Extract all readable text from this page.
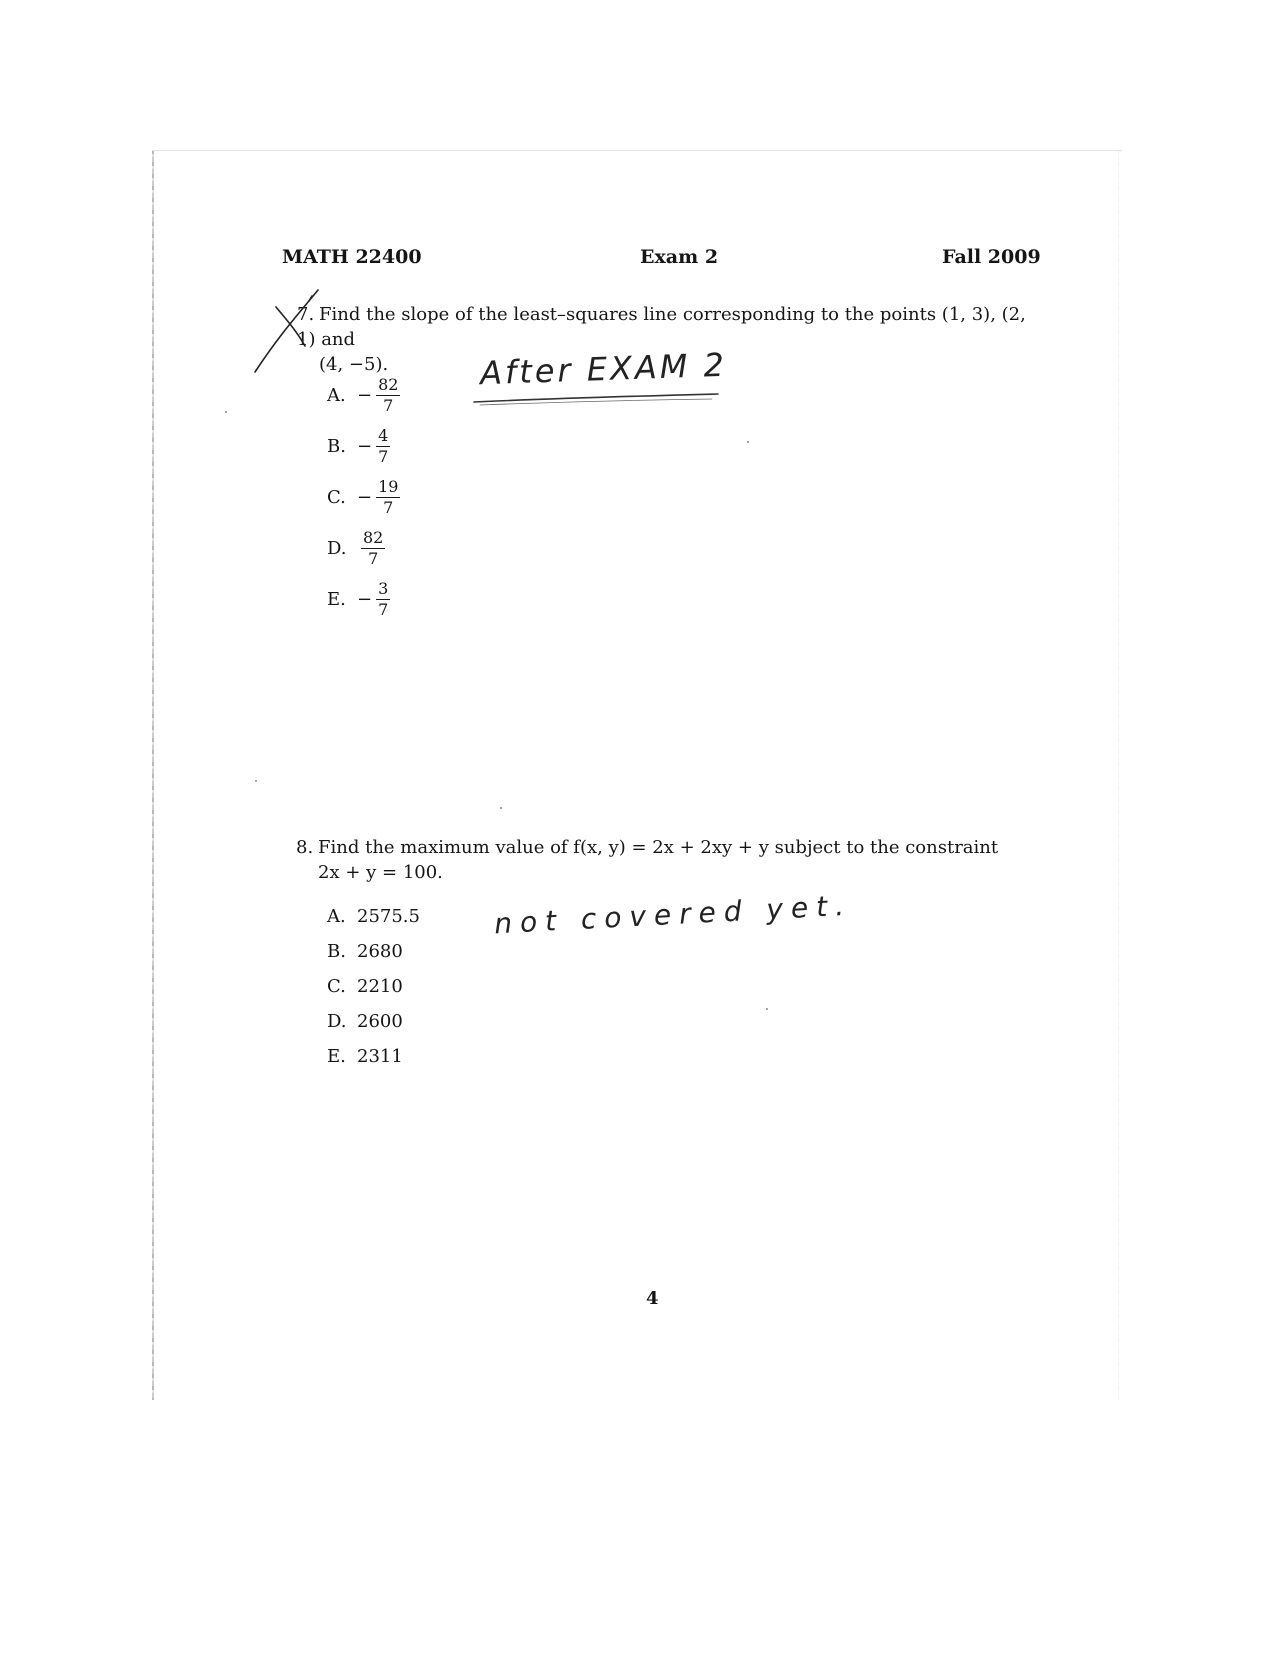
MATH 22400	Exam 2	Fall 2009
7. Find the slope of the least–squares line corresponding to the points (1, 3), (2, 1) and
(4, −5).
A. − $\frac{82}{7}$
B. − $\frac{4}{7}$
C. − $\frac{19}{7}$
D. $\frac{82}{7}$
E. − $\frac{3}{7}$
After EXAM 2
8. Find the maximum value of f(x, y) = 2x + 2xy + y subject to the constraint
2x + y = 100.
A. 2575.5
B. 2680
C. 2210
D. 2600
E. 2311
not covered yet.
4
